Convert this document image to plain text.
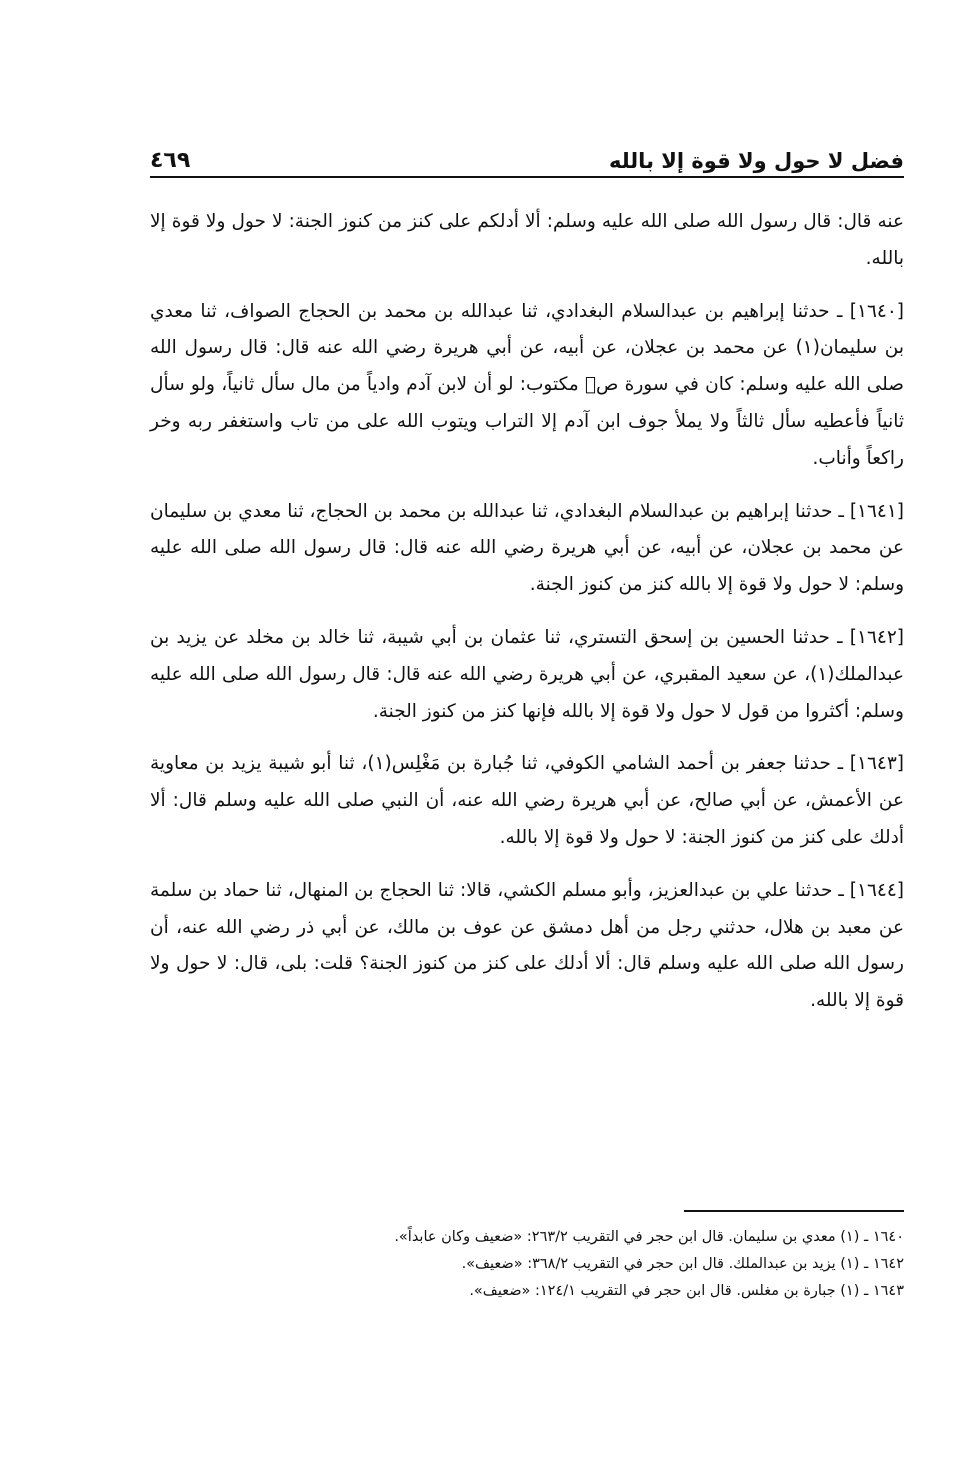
فضل لا حول ولا قوة إلا بالله
٤٦٩

عنه قال: قال رسول الله صلى الله عليه وسلم: ألا أدلكم على كنز من كنوز الجنة: لا حول ولا قوة إلا بالله.

[١٦٤٠] ـ حدثنا إبراهيم بن عبدالسلام البغدادي، ثنا عبدالله بن محمد بن الحجاج الصواف، ثنا معدي بن سليمان(١) عن محمد بن عجلان، عن أبيه، عن أبي هريرة رضي الله عنه قال: قال رسول الله صلى الله عليه وسلم: كان في سورة صۤ مكتوب: لو أن لابن آدم وادياً من مال سأل ثانياً، ولو سأل ثانياً فأعطيه سأل ثالثاً ولا يملأ جوف ابن آدم إلا التراب ويتوب الله على من تاب واستغفر ربه وخر راكعاً وأناب.

[١٦٤١] ـ حدثنا إبراهيم بن عبدالسلام البغدادي، ثنا عبدالله بن محمد بن الحجاج، ثنا معدي بن سليمان عن محمد بن عجلان، عن أبيه، عن أبي هريرة رضي الله عنه قال: قال رسول الله صلى الله عليه وسلم: لا حول ولا قوة إلا بالله كنز من كنوز الجنة.

[١٦٤٢] ـ حدثنا الحسين بن إسحق التستري، ثنا عثمان بن أبي شيبة، ثنا خالد بن مخلد عن يزيد بن عبدالملك(١)، عن سعيد المقبري، عن أبي هريرة رضي الله عنه قال: قال رسول الله صلى الله عليه وسلم: أكثروا من قول لا حول ولا قوة إلا بالله فإنها كنز من كنوز الجنة.

[١٦٤٣] ـ حدثنا جعفر بن أحمد الشامي الكوفي، ثنا جُبارة بن مَغْلِس(١)، ثنا أبو شيبة يزيد بن معاوية عن الأعمش، عن أبي صالح، عن أبي هريرة رضي الله عنه، أن النبي صلى الله عليه وسلم قال: ألا أدلك على كنز من كنوز الجنة: لا حول ولا قوة إلا بالله.

[١٦٤٤] ـ حدثنا علي بن عبدالعزيز، وأبو مسلم الكشي، قالا: ثنا الحجاج بن المنهال، ثنا حماد بن سلمة عن معبد بن هلال، حدثني رجل من أهل دمشق عن عوف بن مالك، عن أبي ذر رضي الله عنه، أن رسول الله صلى الله عليه وسلم قال: ألا أدلك على كنز من كنوز الجنة؟ قلت: بلى، قال: لا حول ولا قوة إلا بالله.

١٦٤٠ ـ (١) معدي بن سليمان. قال ابن حجر في التقريب ٢٦٣/٢: «ضعيف وكان عابداً».

١٦٤٢ ـ (١) يزيد بن عبدالملك. قال ابن حجر في التقريب ٣٦٨/٢: «ضعيف».

١٦٤٣ ـ (١) جبارة بن مغلس. قال ابن حجر في التقريب ١٢٤/١: «ضعيف».
